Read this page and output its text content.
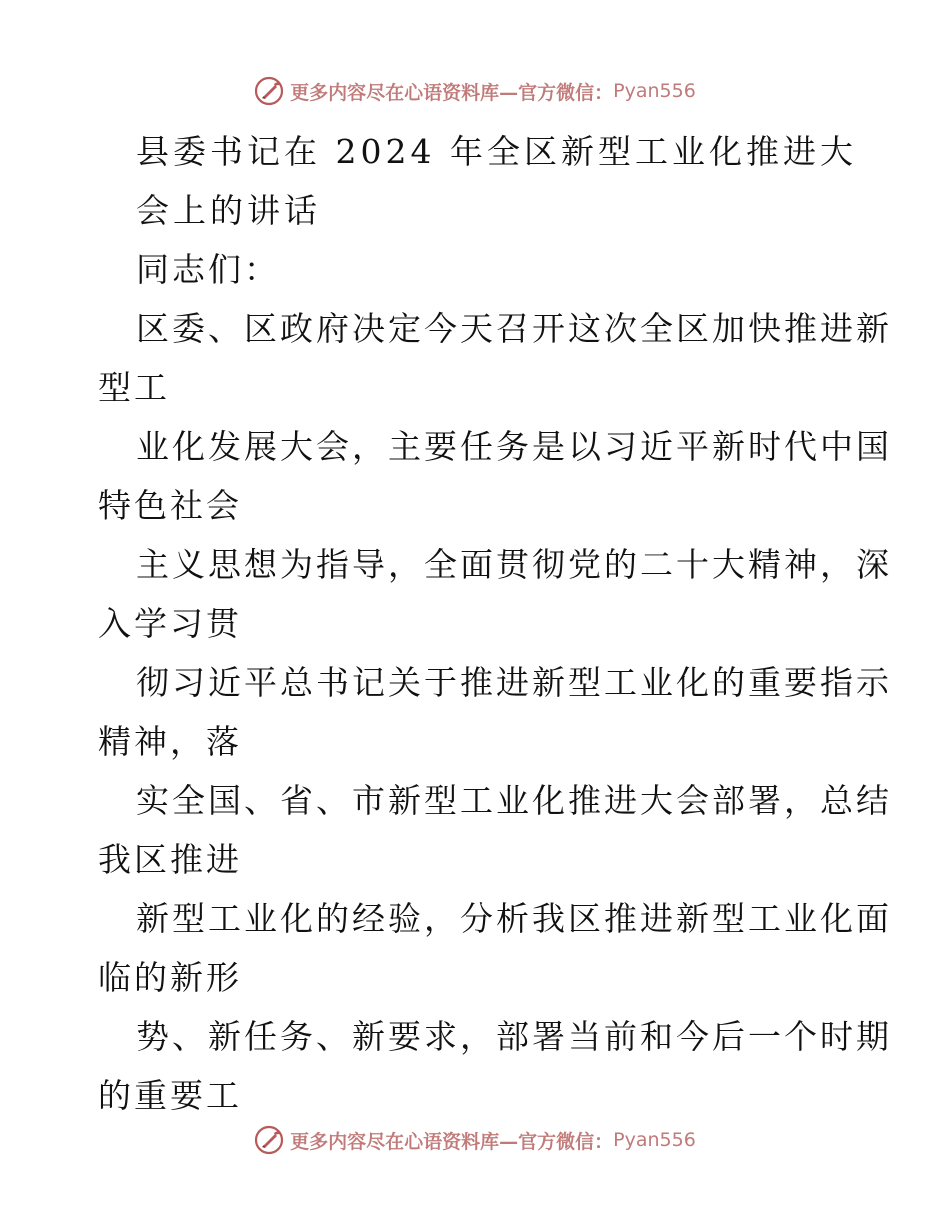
更多内容尽在心语资料库—官方微信： Pyan556
县委书记在 2024 年全区新型工业化推进大
会上的讲话
同志们：
区委、区政府决定今天召开这次全区加快推进新
型工
业化发展大会，主要任务是以习近平新时代中国
特色社会
主义思想为指导，全面贯彻党的二十大精神，深
入学习贯
彻习近平总书记关于推进新型工业化的重要指示
精神，落
实全国、省、市新型工业化推进大会部署，总结
我区推进
新型工业化的经验，分析我区推进新型工业化面
临的新形
势、新任务、新要求，部署当前和今后一个时期
的重要工
更多内容尽在心语资料库—官方微信： Pyan556
